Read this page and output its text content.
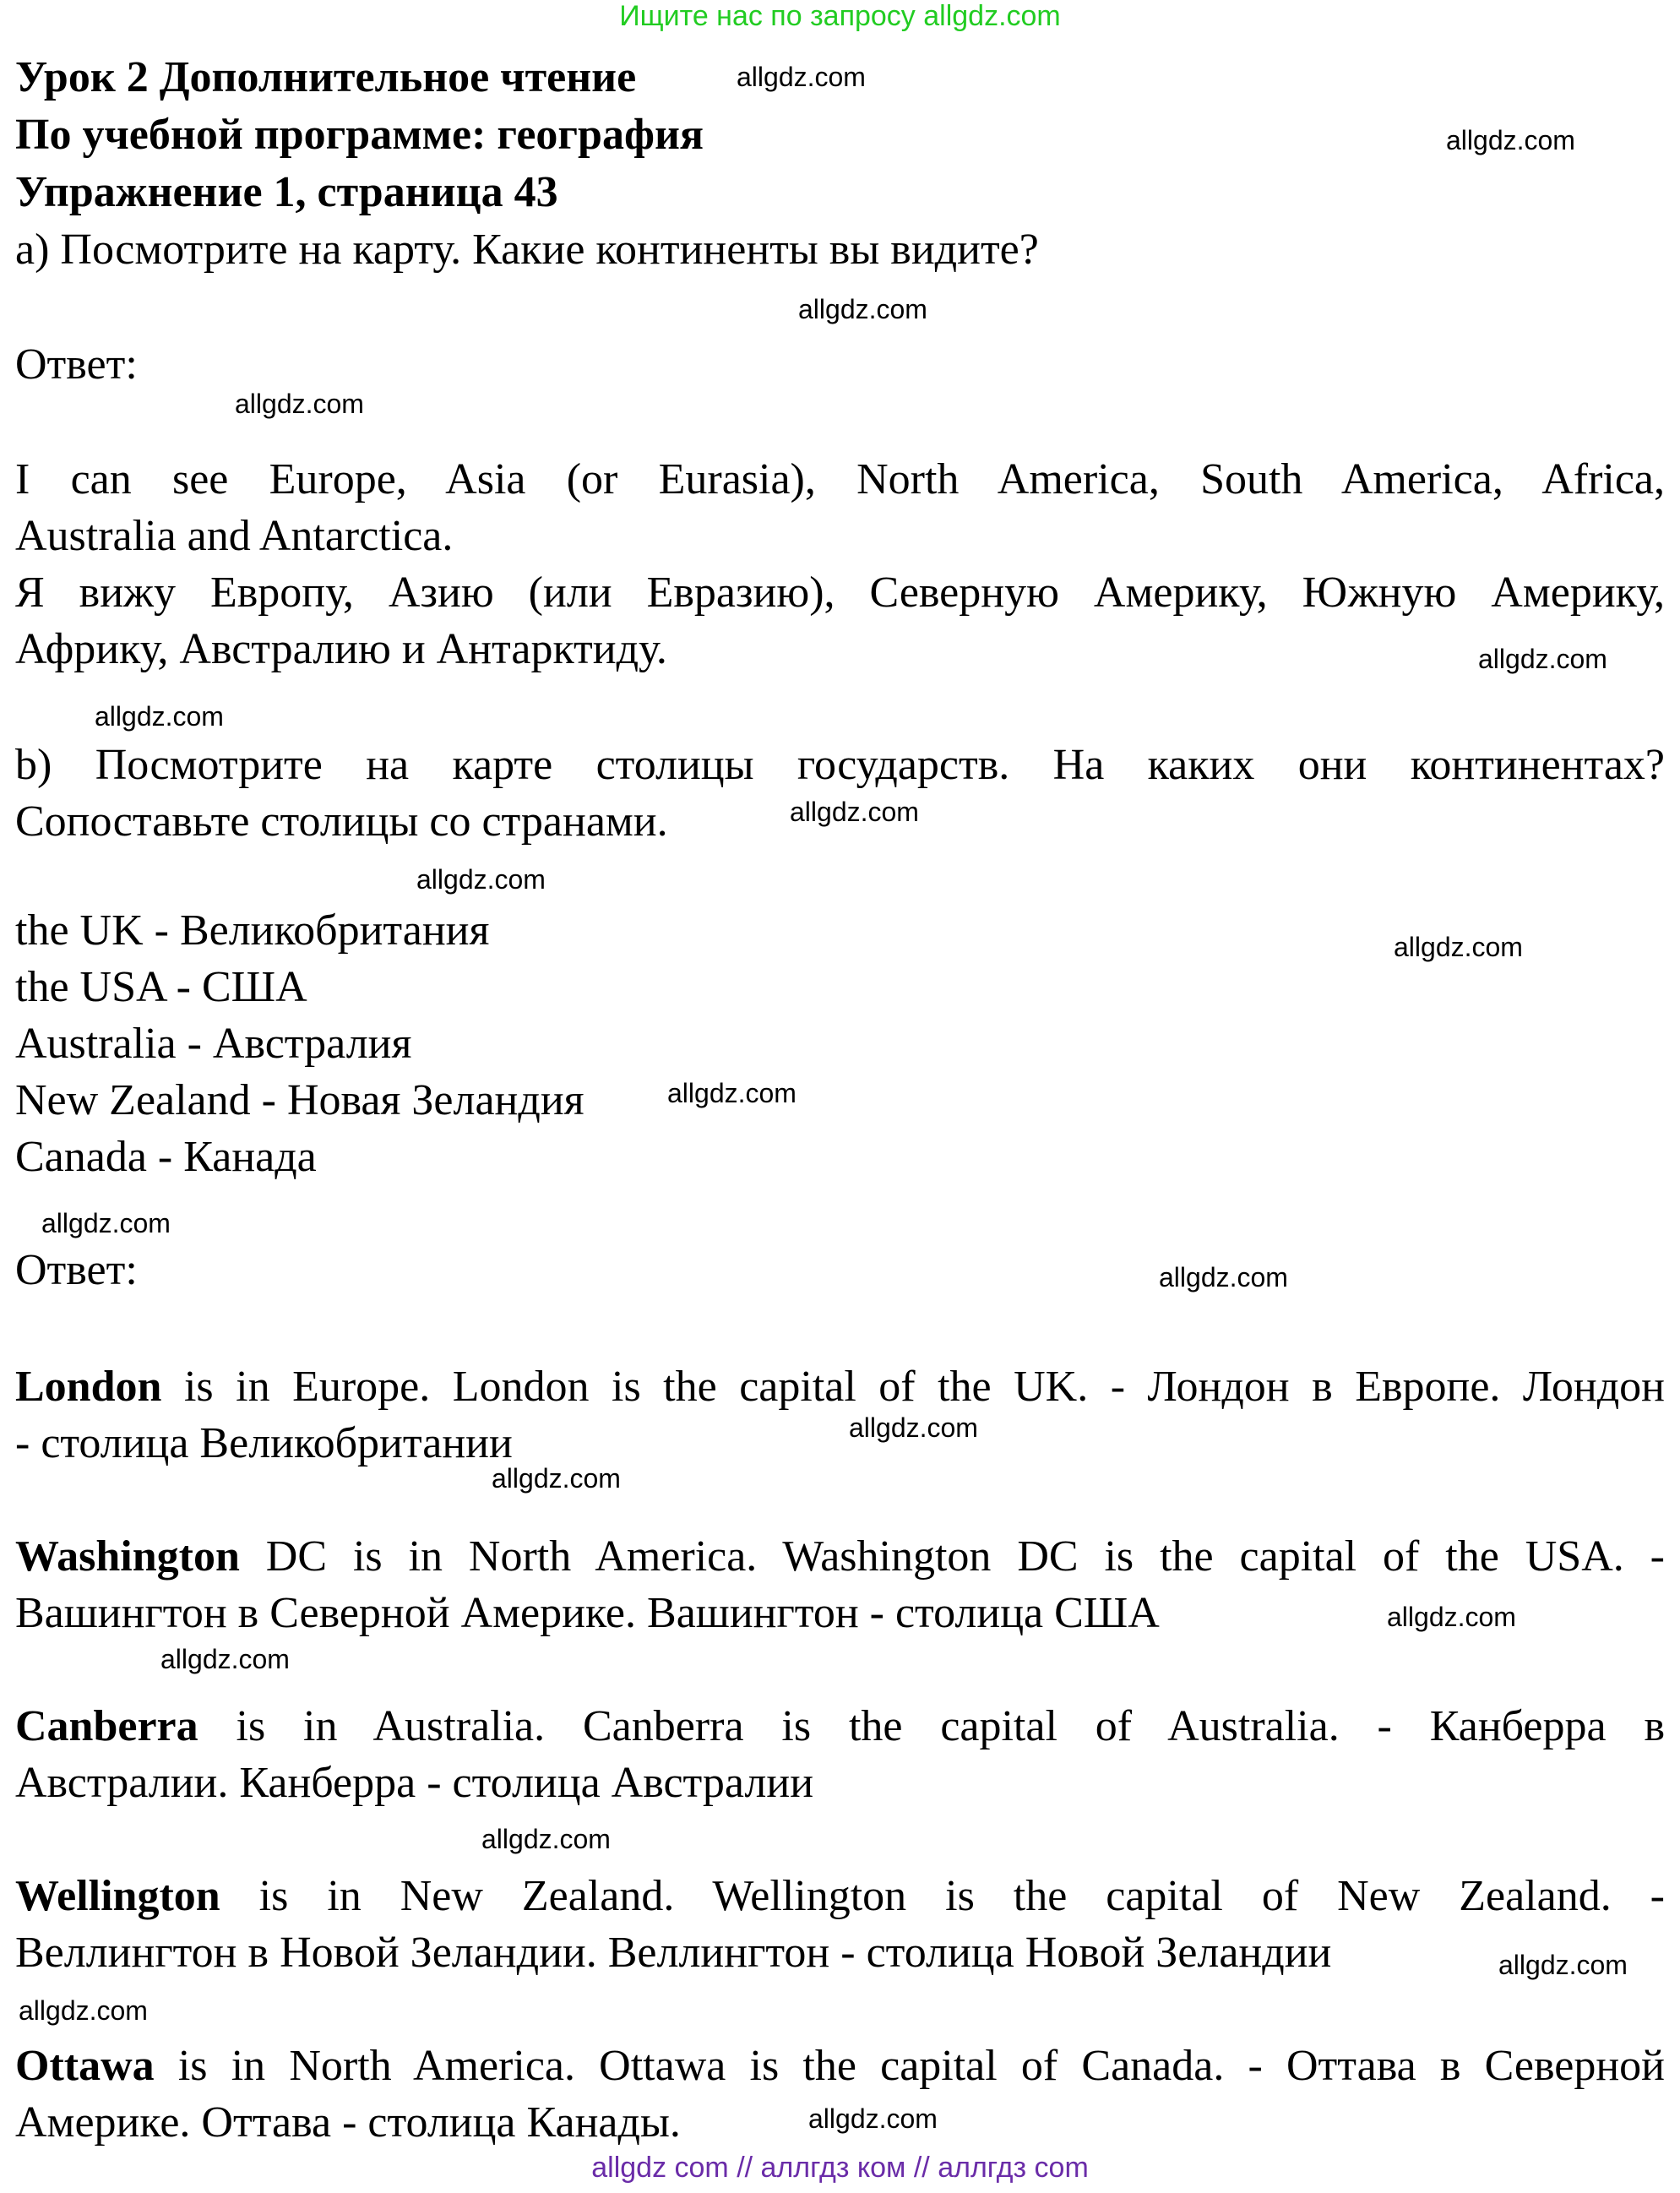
Ищите нас по запросу allgdz.com
Урок 2 Дополнительное чтение
По учебной программе: география
Упражнение 1, страница 43
a) Посмотрите на карту. Какие континенты вы видите?
Ответ:
I can see Europe, Asia (or Eurasia), North America, South America, Africa,
Australia and Antarctica.
Я вижу Европу, Азию (или Евразию), Северную Америку, Южную Америку,
Африку, Австралию и Антарктиду.
b) Посмотрите на карте столицы государств. На каких они континентах?
Сопоставьте столицы со странами.
the UK - Великобритания
the USA - США
Australia - Австралия
New Zealand - Новая Зеландия
Canada - Канада
Ответ:
London is in Europe. London is the capital of the UK. - Лондон в Европе. Лондон
- столица Великобритании
Washington DC is in North America. Washington DC is the capital of the USA. -
Вашингтон в Северной Америке. Вашингтон - столица США
Canberra is in Australia. Canberra is the capital of Australia. - Канберра в
Австралии. Канберра - столица Австралии
Wellington is in New Zealand. Wellington is the capital of New Zealand. -
Веллингтон в Новой Зеландии. Веллингтон - столица Новой Зеландии
Ottawa is in North America. Ottawa is the capital of Canada. - Оттава в Северной
Америке. Оттава - столица Канады.
allgdz.com
allgdz.com
allgdz.com
allgdz.com
allgdz.com
allgdz.com
allgdz.com
allgdz.com
allgdz.com
allgdz.com
allgdz.com
allgdz.com
allgdz.com
allgdz.com
allgdz.com
allgdz.com
allgdz.com
allgdz.com
allgdz.com
allgdz.com
allgdz com // аллгдз ком // аллгдз com
